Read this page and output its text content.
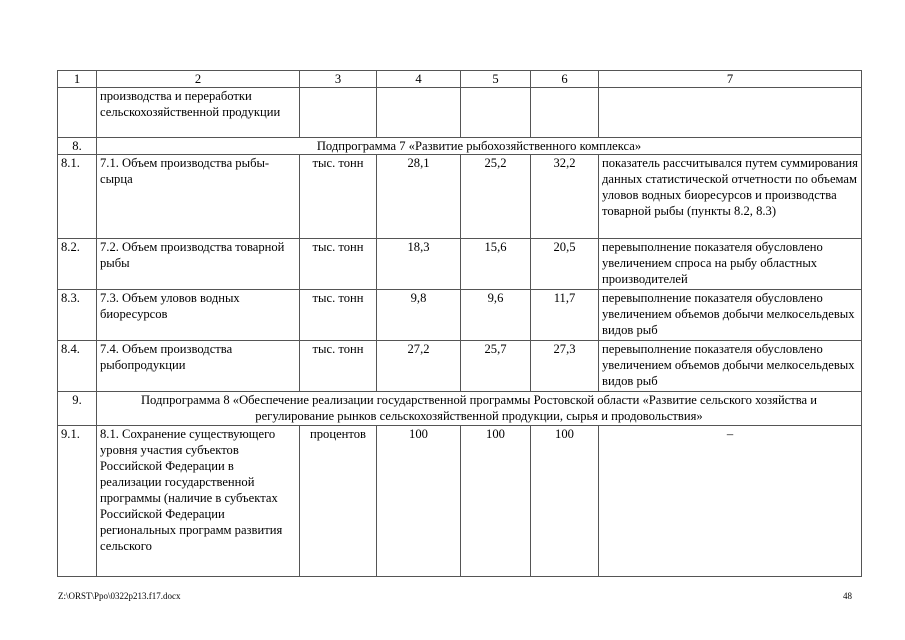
1	2	3	4	5	6	7
	производства и переработки сельскохозяйственной продукции					
8.	Подпрограмма 7 «Развитие рыбохозяйственного комплекса»					
8.1.	7.1. Объем производства рыбы-сырца	тыс. тонн	28,1	25,2	32,2	показатель рассчитывался путем суммирования данных статистической отчетности по объемам уловов водных биоресурсов и производства товарной рыбы (пункты 8.2, 8.3)
8.2.	7.2. Объем производства товарной рыбы	тыс. тонн	18,3	15,6	20,5	перевыполнение показателя обусловлено увеличением спроса на рыбу областных производителей
8.3.	7.3. Объем уловов водных биоресурсов	тыс. тонн	9,8	9,6	11,7	перевыполнение показателя обусловлено увеличением объемов добычи мелкосельдевых видов рыб
8.4.	7.4. Объем производства рыбопродукции	тыс. тонн	27,2	25,7	27,3	перевыполнение показателя обусловлено увеличением объемов добычи мелкосельдевых видов рыб
9.	Подпрограмма 8 «Обеспечение реализации государственной программы Ростовской области «Развитие сельского хозяйства и регулирование рынков сельскохозяйственной продукции, сырья и продовольствия»					
9.1.	8.1. Сохранение существующего уровня участия субъектов Российской Федерации в реализации государственной программы (наличие в субъектах Российской Федерации региональных программ развития сельского	процентов	100	100	100	–
Z:\ORST\Ppo\0322p213.f17.docx	48
